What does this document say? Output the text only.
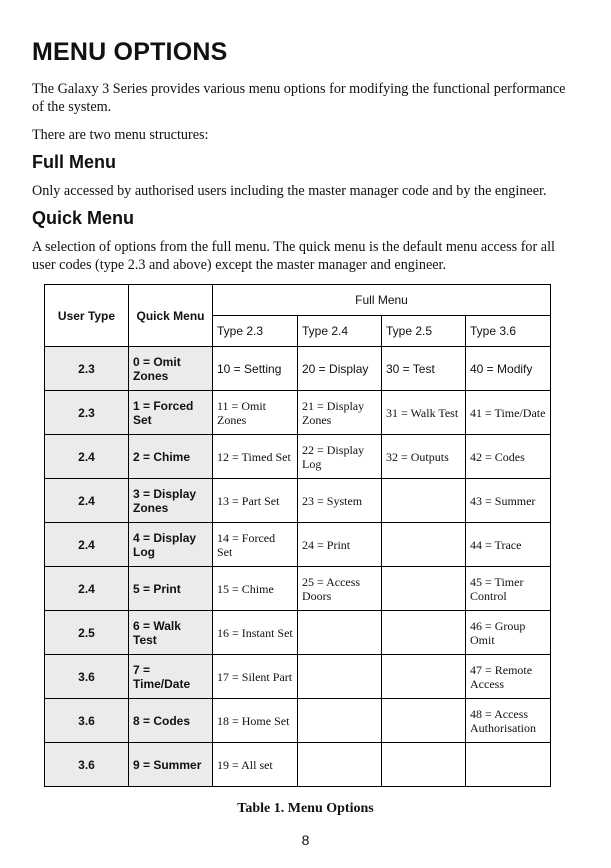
MENU OPTIONS

The Galaxy 3 Series provides various menu options for modifying the functional performance of the system.

There are two menu structures:

Full Menu

Only accessed by authorised users including the master manager code and by the engineer.

Quick Menu

A selection of options from the full menu. The quick menu is the default menu access for all user codes (type 2.3 and above) except the master manager and engineer.

User Type	Quick Menu	Full Menu			
		Type 2.3	Type 2.4	Type 2.5	Type 3.6
2.3	0 = Omit Zones	10 = Setting	20 = Display	30 = Test	40 = Modify
2.3	1 = Forced Set	11 = Omit Zones	21 = Display Zones	31 = Walk Test	41 = Time/Date
2.4	2 = Chime	12 = Timed Set	22 = Display Log	32 = Outputs	42 = Codes
2.4	3 = Display Zones	13 = Part Set	23 = System		43 = Summer
2.4	4 = Display Log	14 = Forced Set	24 = Print		44 = Trace
2.4	5 = Print	15 = Chime	25 = Access Doors		45 = Timer Control
2.5	6 = Walk Test	16 = Instant Set			46 = Group Omit
3.6	7 = Time/Date	17 = Silent Part			47 = Remote Access
3.6	8 = Codes	18 = Home Set			48 = Access Authorisation
3.6	9 = Summer	19 = All set			
Table 1. Menu Options
8
